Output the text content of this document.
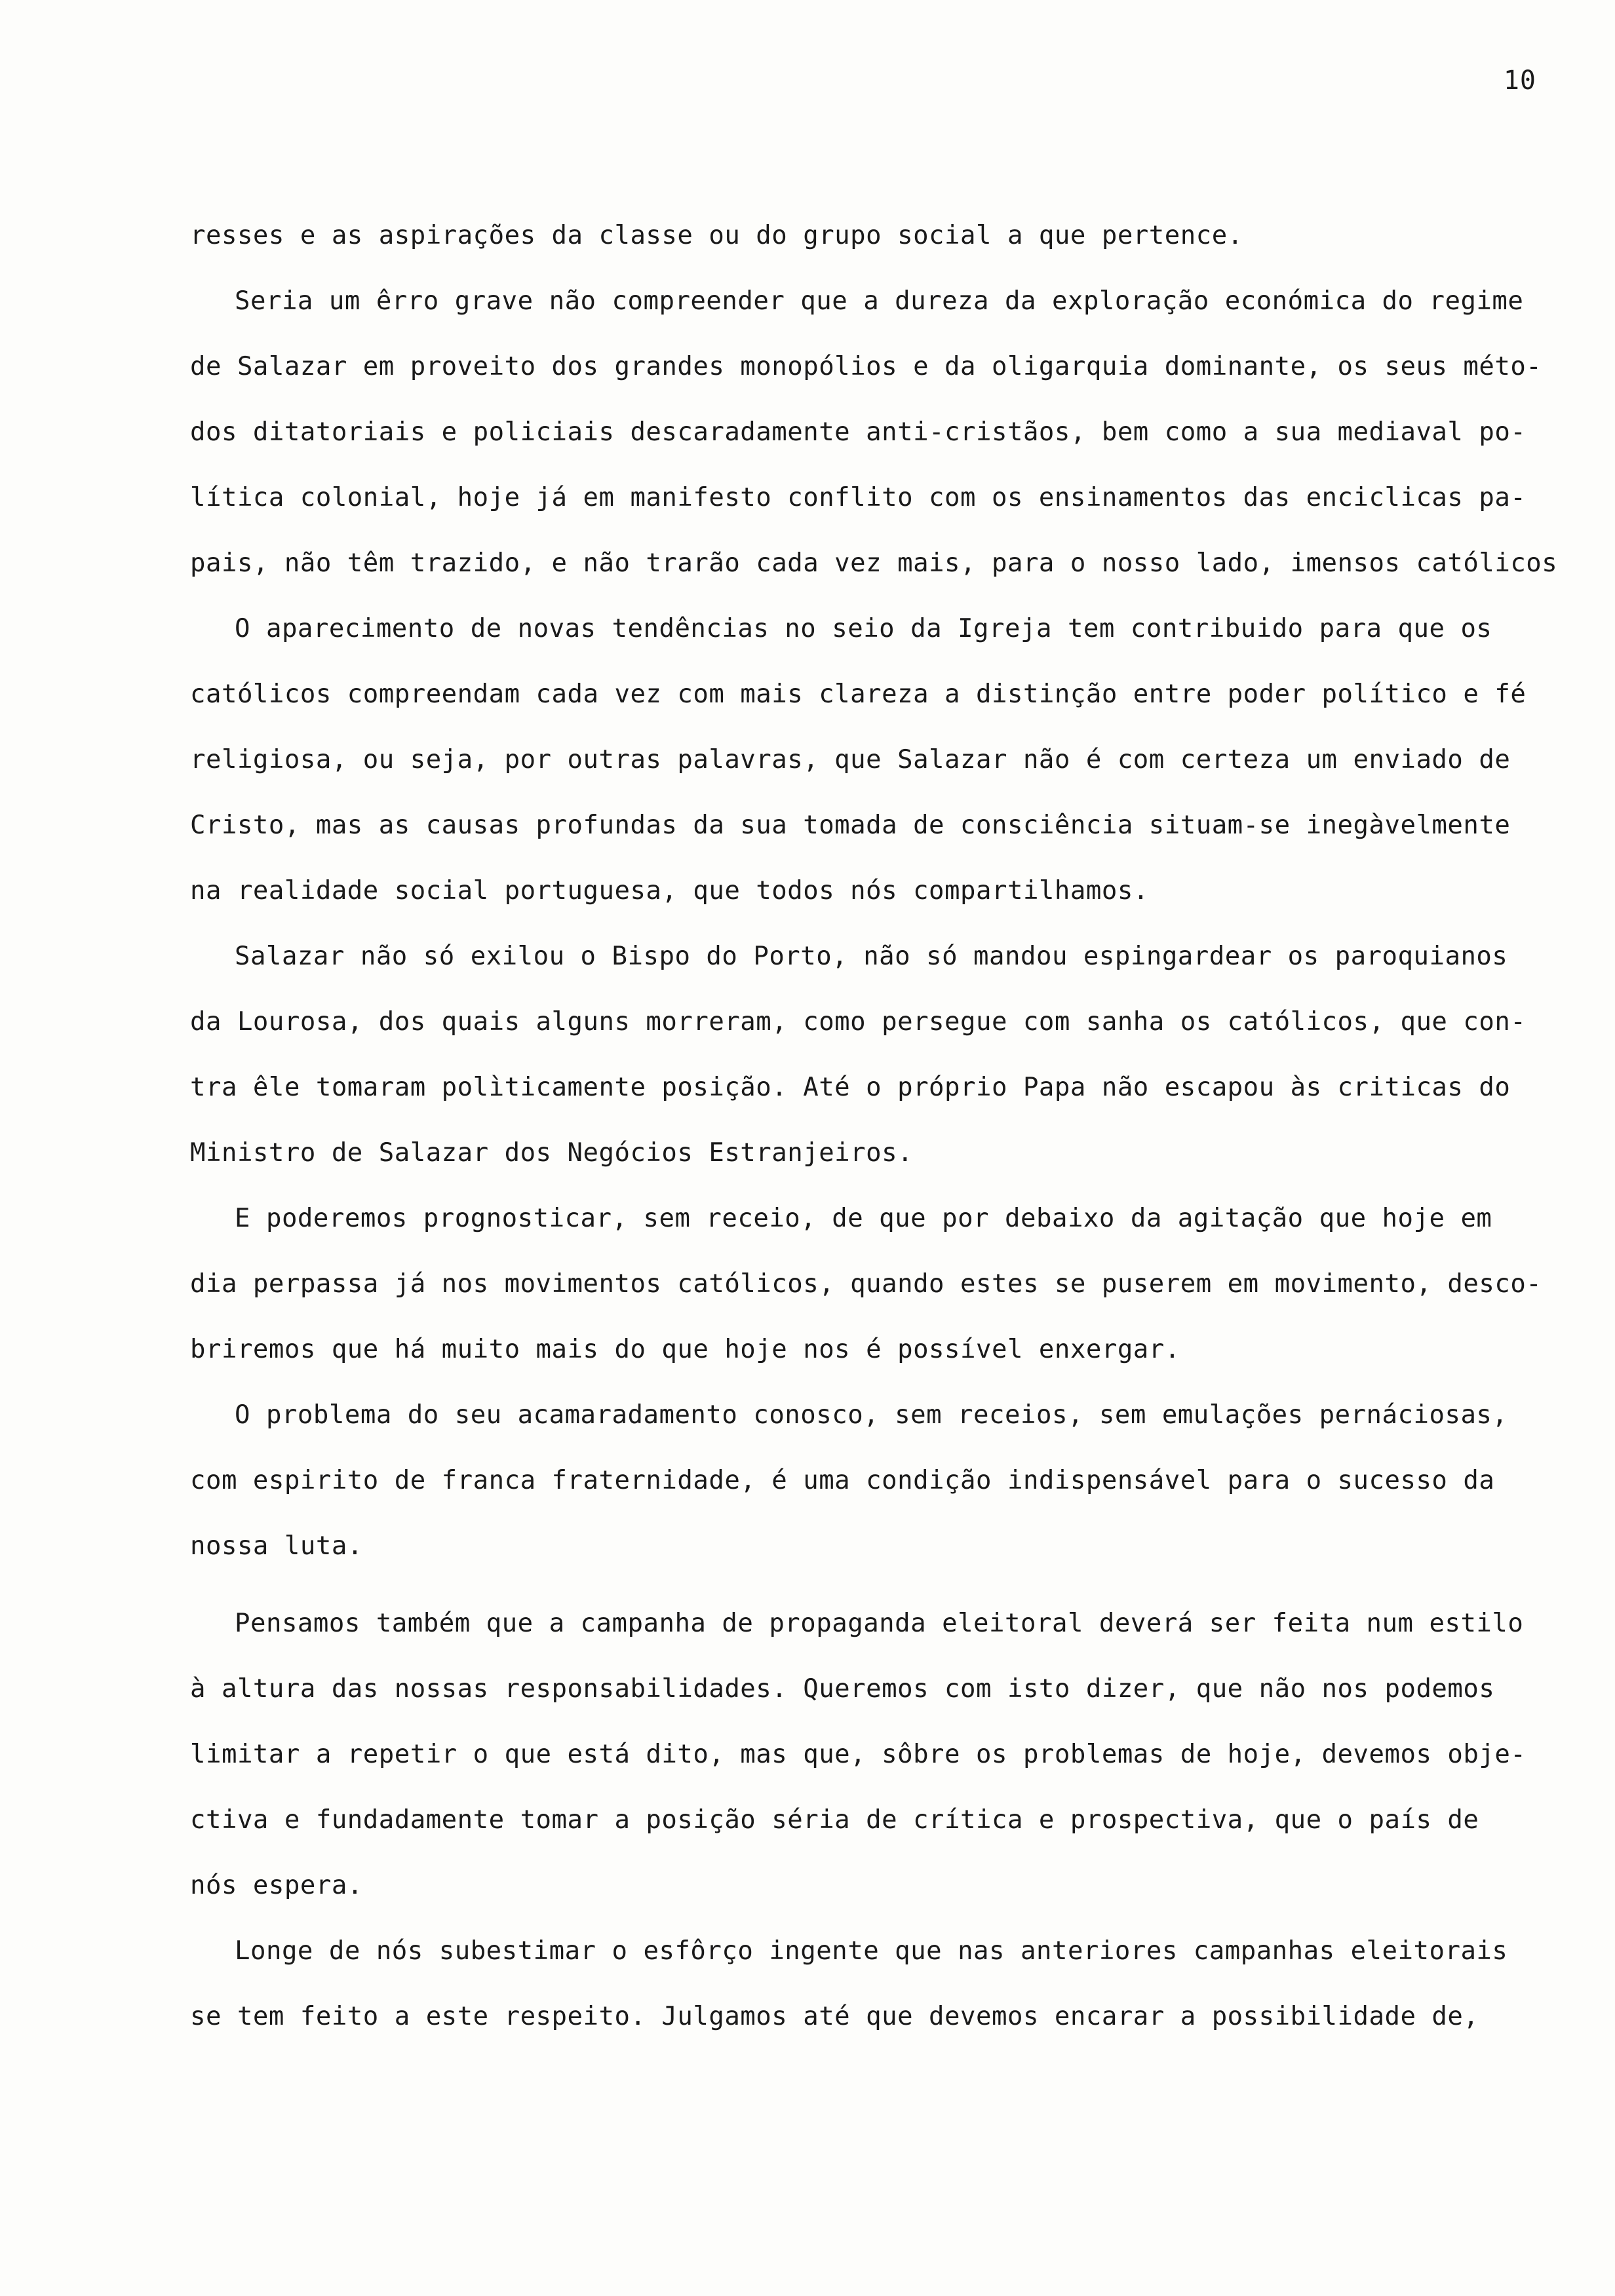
10
resses e as aspirações da classe ou do grupo social a que pertence.
Seria um êrro grave não compreender que a dureza da exploração económica do regime
de Salazar em proveito dos grandes monopólios e da oligarquia dominante, os seus méto-
dos ditatoriais e policiais descaradamente anti-cristãos, bem como a sua mediaval po-
lítica colonial, hoje já em manifesto conflito com os ensinamentos das enciclicas pa-
pais, não têm trazido, e não trarão cada vez mais, para o nosso lado, imensos católicos
O aparecimento de novas tendências no seio da Igreja tem contribuido para que os
católicos compreendam cada vez com mais clareza a distinção entre poder político e fé
religiosa, ou seja, por outras palavras, que Salazar não é com certeza um enviado de
Cristo, mas as causas profundas da sua tomada de consciência situam-se inegàvelmente
na realidade social portuguesa, que todos nós compartilhamos.
Salazar não só exilou o Bispo do Porto, não só mandou espingardear os paroquianos
da Lourosa, dos quais alguns morreram, como persegue com sanha os católicos, que con-
tra êle tomaram polìticamente posição. Até o próprio Papa não escapou às criticas do
Ministro de Salazar dos Negócios Estranjeiros.
E poderemos prognosticar, sem receio, de que por debaixo da agitação que hoje em
dia perpassa já nos movimentos católicos, quando estes se puserem em movimento, desco-
briremos que há muito mais do que hoje nos é possível enxergar.
O problema do seu acamaradamento conosco, sem receios, sem emulações pernáciosas,
com espirito de franca fraternidade, é uma condição indispensável para o sucesso da
nossa luta.
Pensamos também que a campanha de propaganda eleitoral deverá ser feita num estilo
à altura das nossas responsabilidades. Queremos com isto dizer, que não nos podemos
limitar a repetir o que está dito, mas que, sôbre os problemas de hoje, devemos obje-
ctiva e fundadamente tomar a posição séria de crítica e prospectiva, que o país de
nós espera.
Longe de nós subestimar o esfôrço ingente que nas anteriores campanhas eleitorais
se tem feito a este respeito. Julgamos até que devemos encarar a possibilidade de,
